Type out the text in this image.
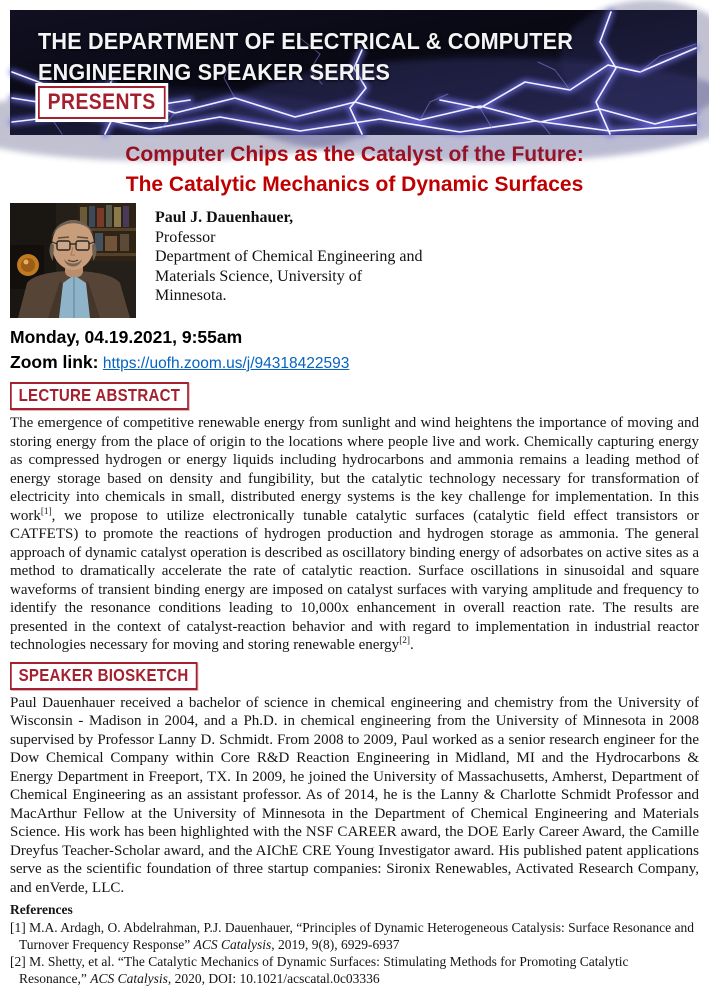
THE DEPARTMENT OF ELECTRICAL & COMPUTER
ENGINEERING SPEAKER SERIES
PRESENTS
Computer Chips as the Catalyst of the Future:
The Catalytic Mechanics of Dynamic Surfaces
Paul J. Dauenhauer,
Professor
Department of Chemical Engineering and
Materials Science, University of
Minnesota.
Monday, 04.19.2021, 9:55am
Zoom link: https://uofh.zoom.us/j/94318422593
LECTURE ABSTRACT

The emergence of competitive renewable energy from sunlight and wind heightens the importance of moving and storing energy from the place of origin to the locations where people live and work. Chemically capturing energy as compressed hydrogen or energy liquids including hydrocarbons and ammonia remains a leading method of energy storage based on density and fungibility, but the catalytic technology necessary for transformation of electricity into chemicals in small, distributed energy systems is the key challenge for implementation. In this work[1], we propose to utilize electronically tunable catalytic surfaces (catalytic field effect transistors or CATFETS) to promote the reactions of hydrogen production and hydrogen storage as ammonia. The general approach of dynamic catalyst operation is described as oscillatory binding energy of adsorbates on active sites as a method to dramatically accelerate the rate of catalytic reaction. Surface oscillations in sinusoidal and square waveforms of transient binding energy are imposed on catalyst surfaces with varying amplitude and frequency to identify the resonance conditions leading to 10,000x enhancement in overall reaction rate. The results are presented in the context of catalyst-reaction behavior and with regard to implementation in industrial reactor technologies necessary for moving and storing renewable energy[2].

SPEAKER BIOSKETCH

Paul Dauenhauer received a bachelor of science in chemical engineering and chemistry from the University of Wisconsin - Madison in 2004, and a Ph.D. in chemical engineering from the University of Minnesota in 2008 supervised by Professor Lanny D. Schmidt. From 2008 to 2009, Paul worked as a senior research engineer for the Dow Chemical Company within Core R&D Reaction Engineering in Midland, MI and the Hydrocarbons & Energy Department in Freeport, TX. In 2009, he joined the University of Massachusetts, Amherst, Department of Chemical Engineering as an assistant professor. As of 2014, he is the Lanny & Charlotte Schmidt Professor and MacArthur Fellow at the University of Minnesota in the Department of Chemical Engineering and Materials Science. His work has been highlighted with the NSF CAREER award, the DOE Early Career Award, the Camille Dreyfus Teacher-Scholar award, and the AIChE CRE Young Investigator award. His published patent applications serve as the scientific foundation of three startup companies: Sironix Renewables, Activated Research Company, and enVerde, LLC.

References

[1] M.A. Ardagh, O. Abdelrahman, P.J. Dauenhauer, “Principles of Dynamic Heterogeneous Catalysis: Surface Resonance and Turnover Frequency Response” ACS Catalysis, 2019, 9(8), 6929-6937

[2] M. Shetty, et al. “The Catalytic Mechanics of Dynamic Surfaces: Stimulating Methods for Promoting Catalytic Resonance,” ACS Catalysis, 2020, DOI: 10.1021/acscatal.0c03336
